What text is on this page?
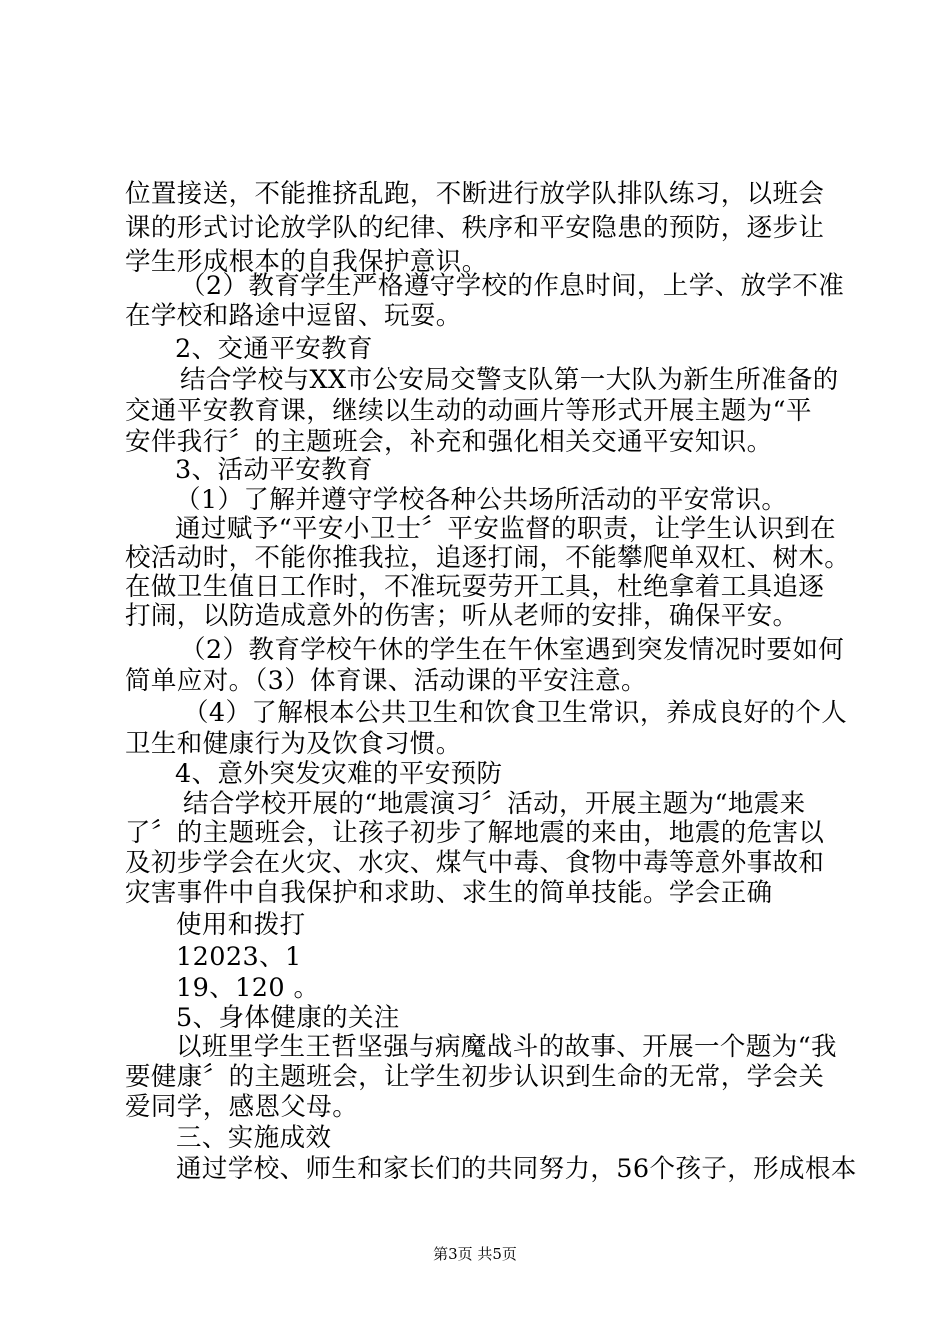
位置接送，不能推挤乱跑，不断进行放学队排队练习，以班会
课的形式讨论放学队的纪律、秩序和平安隐患的预防，逐步让
学生形成根本的自我保护意识。
（2）教育学生严格遵守学校的作息时间，上学、放学不准
在学校和路途中逗留、玩耍。
2、交通平安教育
结合学校与XX市公安局交警支队第一大队为新生所准备的
交通平安教育课，继续以生动的动画片等形式开展主题为“平
安伴我行〞的主题班会，补充和强化相关交通平安知识。
3、活动平安教育
（1）了解并遵守学校各种公共场所活动的平安常识。
通过赋予“平安小卫士〞平安监督的职责，让学生认识到在
校活动时，不能你推我拉，追逐打闹，不能攀爬单双杠、树木。
在做卫生值日工作时，不准玩耍劳开工具，杜绝拿着工具追逐
打闹，以防造成意外的伤害；听从老师的安排，确保平安。
（2）教育学校午休的学生在午休室遇到突发情况时要如何
简单应对。（3）体育课、活动课的平安注意。
（4）了解根本公共卫生和饮食卫生常识，养成良好的个人
卫生和健康行为及饮食习惯。
4、意外突发灾难的平安预防
结合学校开展的“地震演习〞活动，开展主题为“地震来
了〞的主题班会，让孩子初步了解地震的来由，地震的危害以
及初步学会在火灾、水灾、煤气中毒、食物中毒等意外事故和
灾害事件中自我保护和求助、求生的简单技能。学会正确
使用和拨打
12023、1
19、120 。
5、身体健康的关注
以班里学生王哲坚强与病魔战斗的故事、开展一个题为“我
要健康〞的主题班会，让学生初步认识到生命的无常，学会关
爱同学，感恩父母。
三、实施成效
通过学校、师生和家长们的共同努力，56个孩子，形成根本
第3页 共5页
